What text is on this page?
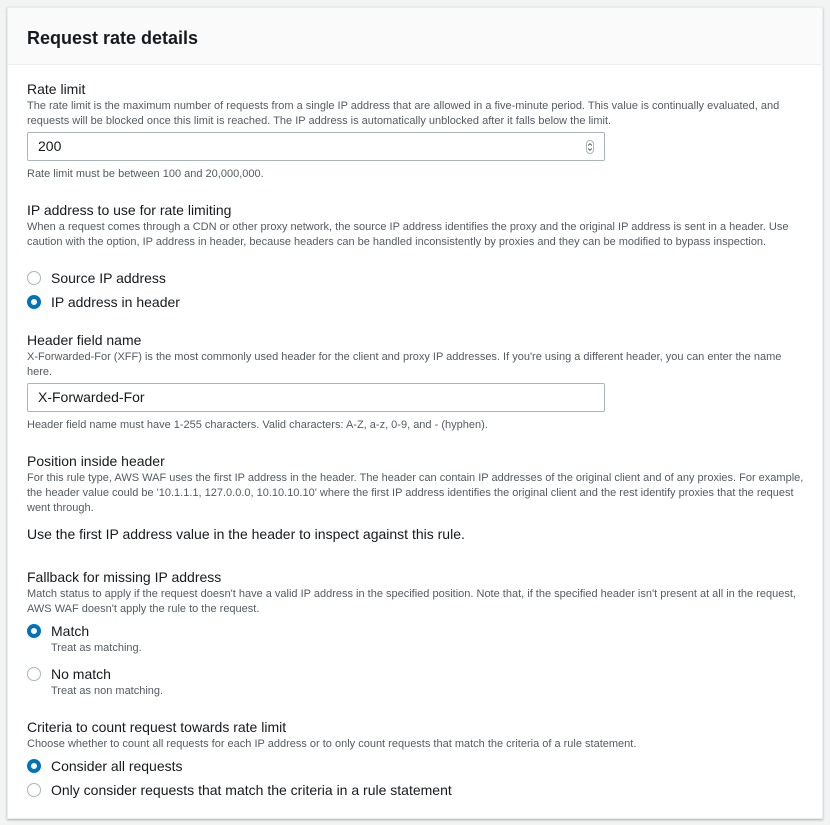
Request rate details
Rate limit
The rate limit is the maximum number of requests from a single IP address that are allowed in a five-minute period. This value is continually evaluated, and requests will be blocked once this limit is reached. The IP address is automatically unblocked after it falls below the limit.
200
Rate limit must be between 100 and 20,000,000.
IP address to use for rate limiting
When a request comes through a CDN or other proxy network, the source IP address identifies the proxy and the original IP address is sent in a header. Use caution with the option, IP address in header, because headers can be handled inconsistently by proxies and they can be modified to bypass inspection.
Source IP address
IP address in header
Header field name
X-Forwarded-For (XFF) is the most commonly used header for the client and proxy IP addresses. If you're using a different header, you can enter the name here.
X-Forwarded-For
Header field name must have 1-255 characters. Valid characters: A-Z, a-z, 0-9, and - (hyphen).
Position inside header
For this rule type, AWS WAF uses the first IP address in the header. The header can contain IP addresses of the original client and of any proxies. For example, the header value could be '10.1.1.1, 127.0.0.0, 10.10.10.10' where the first IP address identifies the original client and the rest identify proxies that the request went through.
Use the first IP address value in the header to inspect against this rule.
Fallback for missing IP address
Match status to apply if the request doesn't have a valid IP address in the specified position. Note that, if the specified header isn't present at all in the request, AWS WAF doesn't apply the rule to the request.
Match
Treat as matching.
No match
Treat as non matching.
Criteria to count request towards rate limit
Choose whether to count all requests for each IP address or to only count requests that match the criteria of a rule statement.
Consider all requests
Only consider requests that match the criteria in a rule statement
